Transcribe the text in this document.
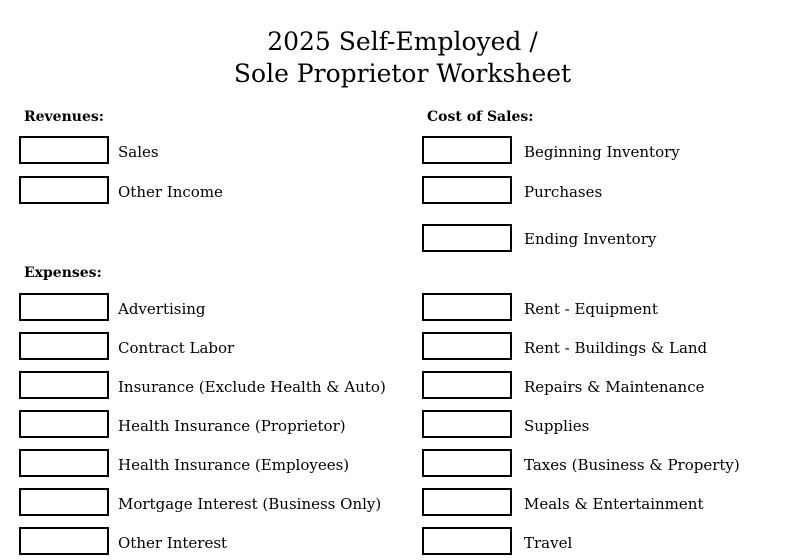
2025 Self-Employed /
Sole Proprietor Worksheet
Revenues:	Cost of Sales:
Expenses:
Sales
Other Income
Beginning Inventory
Purchases
Ending Inventory
Advertising
Contract Labor
Insurance (Exclude Health & Auto)
Health Insurance (Proprietor)
Health Insurance (Employees)
Mortgage Interest (Business Only)
Other Interest
Rent - Equipment
Rent - Buildings & Land
Repairs & Maintenance
Supplies
Taxes (Business & Property)
Meals & Entertainment
Travel
